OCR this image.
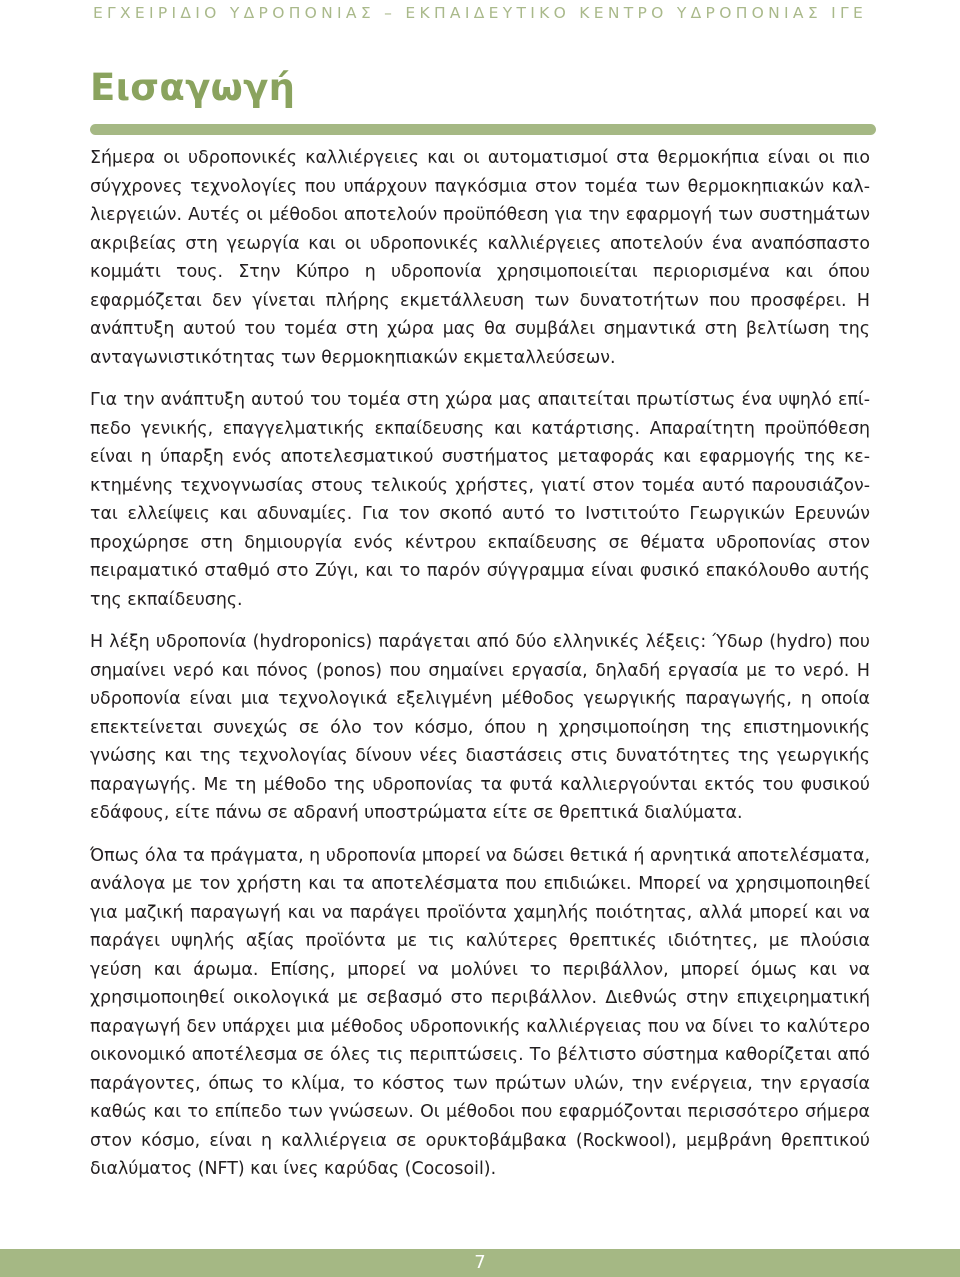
ΕΓΧΕΙΡΙΔΙΟ ΥΔΡΟΠΟΝΙΑΣ – ΕΚΠΑΙΔΕΥΤΙΚΟ ΚΕΝΤΡΟ ΥΔΡΟΠΟΝΙΑΣ ΙΓΕ
Εισαγωγή

Σήμερα οι υδροπονικές καλλιέργειες και οι αυτοματισμοί στα θερμοκήπια είναι οι πιο σύγχρονες τεχνολογίες που υπάρχουν παγκόσμια στον τομέα των θερμοκηπιακών καλλιεργειών. Αυτές οι μέθοδοι αποτελούν προϋπόθεση για την εφαρμογή των συστημάτων ακριβείας στη γεωργία και οι υδροπονικές καλλιέργειες αποτελούν ένα αναπόσπαστο κομμάτι τους. Στην Κύπρο η υδροπονία χρησιμοποιείται περιορισμένα και όπου εφαρμόζεται δεν γίνεται πλήρης εκμετάλλευση των δυνατοτήτων που προσφέρει. Η ανάπτυξη αυτού του τομέα στη χώρα μας θα συμβάλει σημαντικά στη βελτίωση της ανταγωνιστικότητας των θερμοκηπιακών εκμεταλλεύσεων.

Για την ανάπτυξη αυτού του τομέα στη χώρα μας απαιτείται πρωτίστως ένα υψηλό επίπεδο γενικής, επαγγελματικής εκπαίδευσης και κατάρτισης. Απαραίτητη προϋπόθεση είναι η ύπαρξη ενός αποτελεσματικού συστήματος μεταφοράς και εφαρμογής της κεκτημένης τεχνογνωσίας στους τελικούς χρήστες, γιατί στον τομέα αυτό παρουσιάζονται ελλείψεις και αδυναμίες. Για τον σκοπό αυτό το Ινστιτούτο Γεωργικών Ερευνών προχώρησε στη δημιουργία ενός κέντρου εκπαίδευσης σε θέματα υδροπονίας στον πειραματικό σταθμό στο Ζύγι, και το παρόν σύγγραμμα είναι φυσικό επακόλουθο αυτής της εκπαίδευσης.

Η λέξη υδροπονία (hydroponics) παράγεται από δύο ελληνικές λέξεις: Ύδωρ (hydro) που σημαίνει νερό και πόνος (ponos) που σημαίνει εργασία, δηλαδή εργασία με το νερό. Η υδροπονία είναι μια τεχνολογικά εξελιγμένη μέθοδος γεωργικής παραγωγής, η οποία επεκτείνεται συνεχώς σε όλο τον κόσμο, όπου η χρησιμοποίηση της επιστημονικής γνώσης και της τεχνολογίας δίνουν νέες διαστάσεις στις δυνατότητες της γεωργικής παραγωγής. Με τη μέθοδο της υδροπονίας τα φυτά καλλιεργούνται εκτός του φυσικού εδάφους, είτε πάνω σε αδρανή υποστρώματα είτε σε θρεπτικά διαλύματα.

Όπως όλα τα πράγματα, η υδροπονία μπορεί να δώσει θετικά ή αρνητικά αποτελέσματα, ανάλογα με τον χρήστη και τα αποτελέσματα που επιδιώκει. Μπορεί να χρησιμοποιηθεί για μαζική παραγωγή και να παράγει προϊόντα χαμηλής ποιότητας, αλλά μπορεί και να παράγει υψηλής αξίας προϊόντα με τις καλύτερες θρεπτικές ιδιότητες, με πλούσια γεύση και άρωμα. Επίσης, μπορεί να μολύνει το περιβάλλον, μπορεί όμως και να χρησιμοποιηθεί οικολογικά με σεβασμό στο περιβάλλον. Διεθνώς στην επιχειρηματική παραγωγή δεν υπάρχει μια μέθοδος υδροπονικής καλλιέργειας που να δίνει το καλύτερο οικονομικό αποτέλεσμα σε όλες τις περιπτώσεις. Το βέλτιστο σύστημα καθορίζεται από παράγοντες, όπως το κλίμα, το κόστος των πρώτων υλών, την ενέργεια, την εργασία καθώς και το επίπεδο των γνώσεων. Οι μέθοδοι που εφαρμόζονται περισσότερο σήμερα στον κόσμο, είναι η καλλιέργεια σε ορυκτοβάμβακα (Rockwool), μεμβράνη θρεπτικού διαλύματος (NFT) και ίνες καρύδας (Cocosoil).

7
